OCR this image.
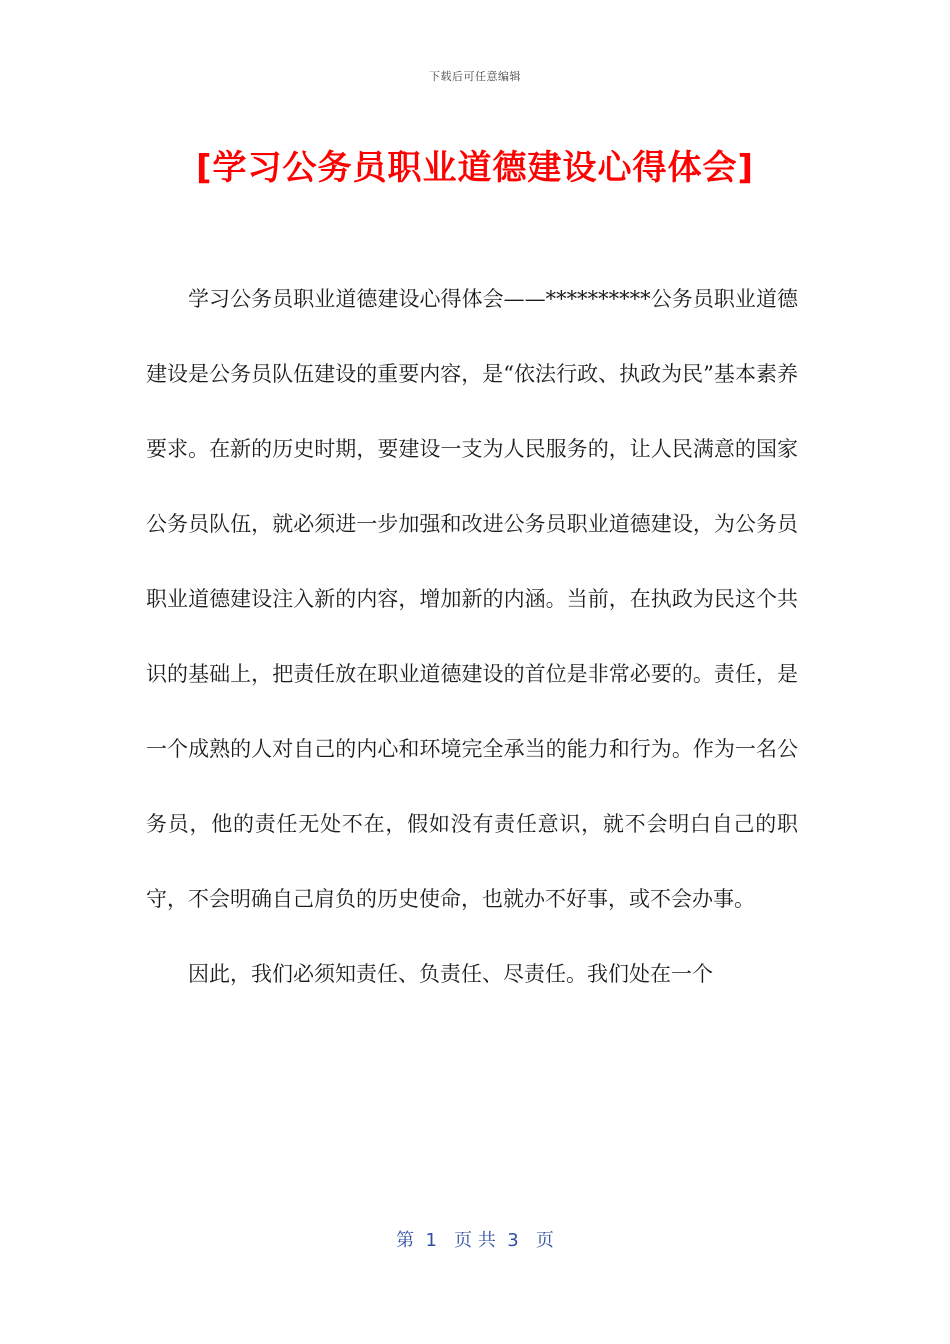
下载后可任意编辑
[学习公务员职业道德建设心得体会]

学习公务员职业道德建设心得体会——**********公务员职业道德建设是公务员队伍建设的重要内容，是“依法行政、执政为民”基本素养要求。在新的历史时期，要建设一支为人民服务的，让人民满意的国家公务员队伍，就必须进一步加强和改进公务员职业道德建设，为公务员职业道德建设注入新的内容，增加新的内涵。当前，在执政为民这个共识的基础上，把责任放在职业道德建设的首位是非常必要的。责任，是一个成熟的人对自己的内心和环境完全承当的能力和行为。作为一名公务员，他的责任无处不在，假如没有责任意识，就不会明白自己的职守，不会明确自己肩负的历史使命，也就办不好事，或不会办事。

因此，我们必须知责任、负责任、尽责任。我们处在一个

第  1   页 共  3   页
